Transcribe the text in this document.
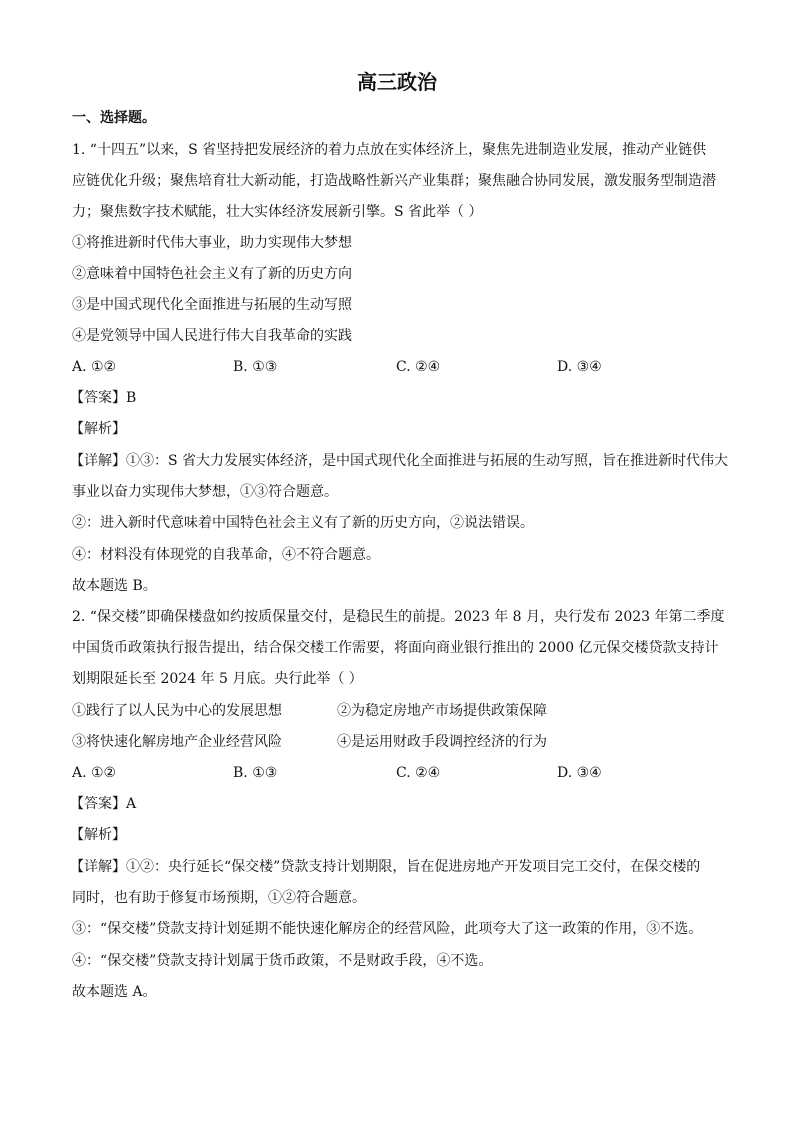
高三政治
一、选择题。
1. “十四五”以来，S 省坚持把发展经济的着力点放在实体经济上，聚焦先进制造业发展，推动产业链供
应链优化升级；聚焦培育壮大新动能，打造战略性新兴产业集群；聚焦融合协同发展，激发服务型制造潜
力；聚焦数字技术赋能，壮大实体经济发展新引擎。S 省此举（ ）
①将推进新时代伟大事业，助力实现伟大梦想
②意味着中国特色社会主义有了新的历史方向
③是中国式现代化全面推进与拓展的生动写照
④是党领导中国人民进行伟大自我革命的实践
A. ①②	B. ①③	C. ②④	D. ③④
【答案】B
【解析】
【详解】①③：S 省大力发展实体经济，是中国式现代化全面推进与拓展的生动写照，旨在推进新时代伟大
事业以奋力实现伟大梦想，①③符合题意。
②：进入新时代意味着中国特色社会主义有了新的历史方向，②说法错误。
④：材料没有体现党的自我革命，④不符合题意。
故本题选 B。
2. “保交楼”即确保楼盘如约按质保量交付，是稳民生的前提。2023 年 8 月，央行发布 2023 年第二季度
中国货币政策执行报告提出，结合保交楼工作需要，将面向商业银行推出的 2000 亿元保交楼贷款支持计
划期限延长至 2024 年 5 月底。央行此举（ ）
①践行了以人民为中心的发展思想	②为稳定房地产市场提供政策保障
③将快速化解房地产企业经营风险	④是运用财政手段调控经济的行为
A. ①②	B. ①③	C. ②④	D. ③④
【答案】A
【解析】
【详解】①②：央行延长“保交楼”贷款支持计划期限，旨在促进房地产开发项目完工交付，在保交楼的
同时，也有助于修复市场预期，①②符合题意。
③：“保交楼”贷款支持计划延期不能快速化解房企的经营风险，此项夸大了这一政策的作用，③不选。
④：“保交楼”贷款支持计划属于货币政策，不是财政手段，④不选。
故本题选 A。
